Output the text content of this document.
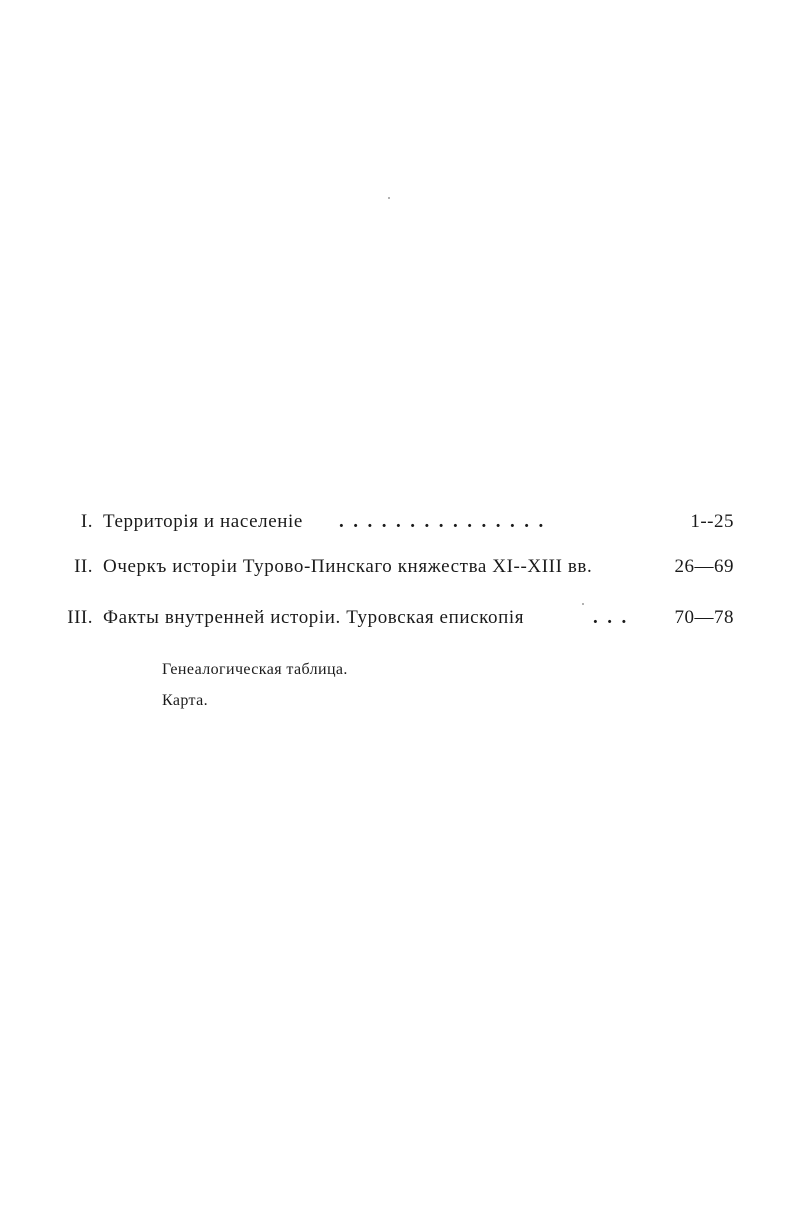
I. Территорія и населеніе ...............	1--25
II. Очеркъ исторіи Турово-Пинскаго княжества XI--XIII вв.	26—69
III. Факты внутренней исторіи. Туровская епископія	... 70—78
Генеалогическая таблица.
Карта.
